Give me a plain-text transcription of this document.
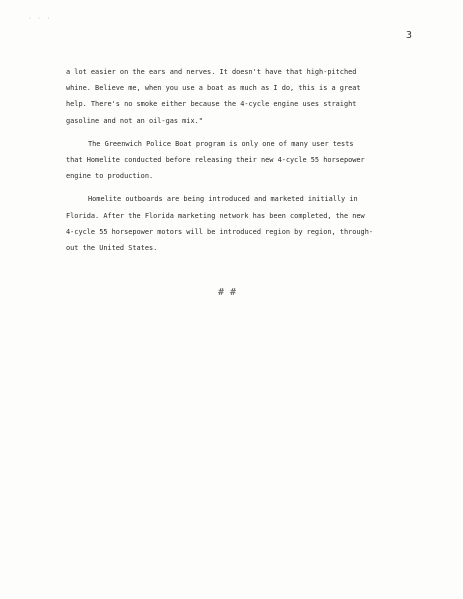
· · ·
3

a lot easier on the ears and nerves. It doesn't have that high-pitched

whine. Believe me, when you use a boat as much as I do, this is a great

help. There's no smoke either because the 4-cycle engine uses straight

gasoline and not an oil-gas mix."

The Greenwich Police Boat program is only one of many user tests

that Homelite conducted before releasing their new 4-cycle 55 horsepower

engine to production.

Homelite outboards are being introduced and marketed initially in

Florida. After the Florida marketing network has been completed, the new

4-cycle 55 horsepower motors will be introduced region by region, through-

out the United States.

# #
